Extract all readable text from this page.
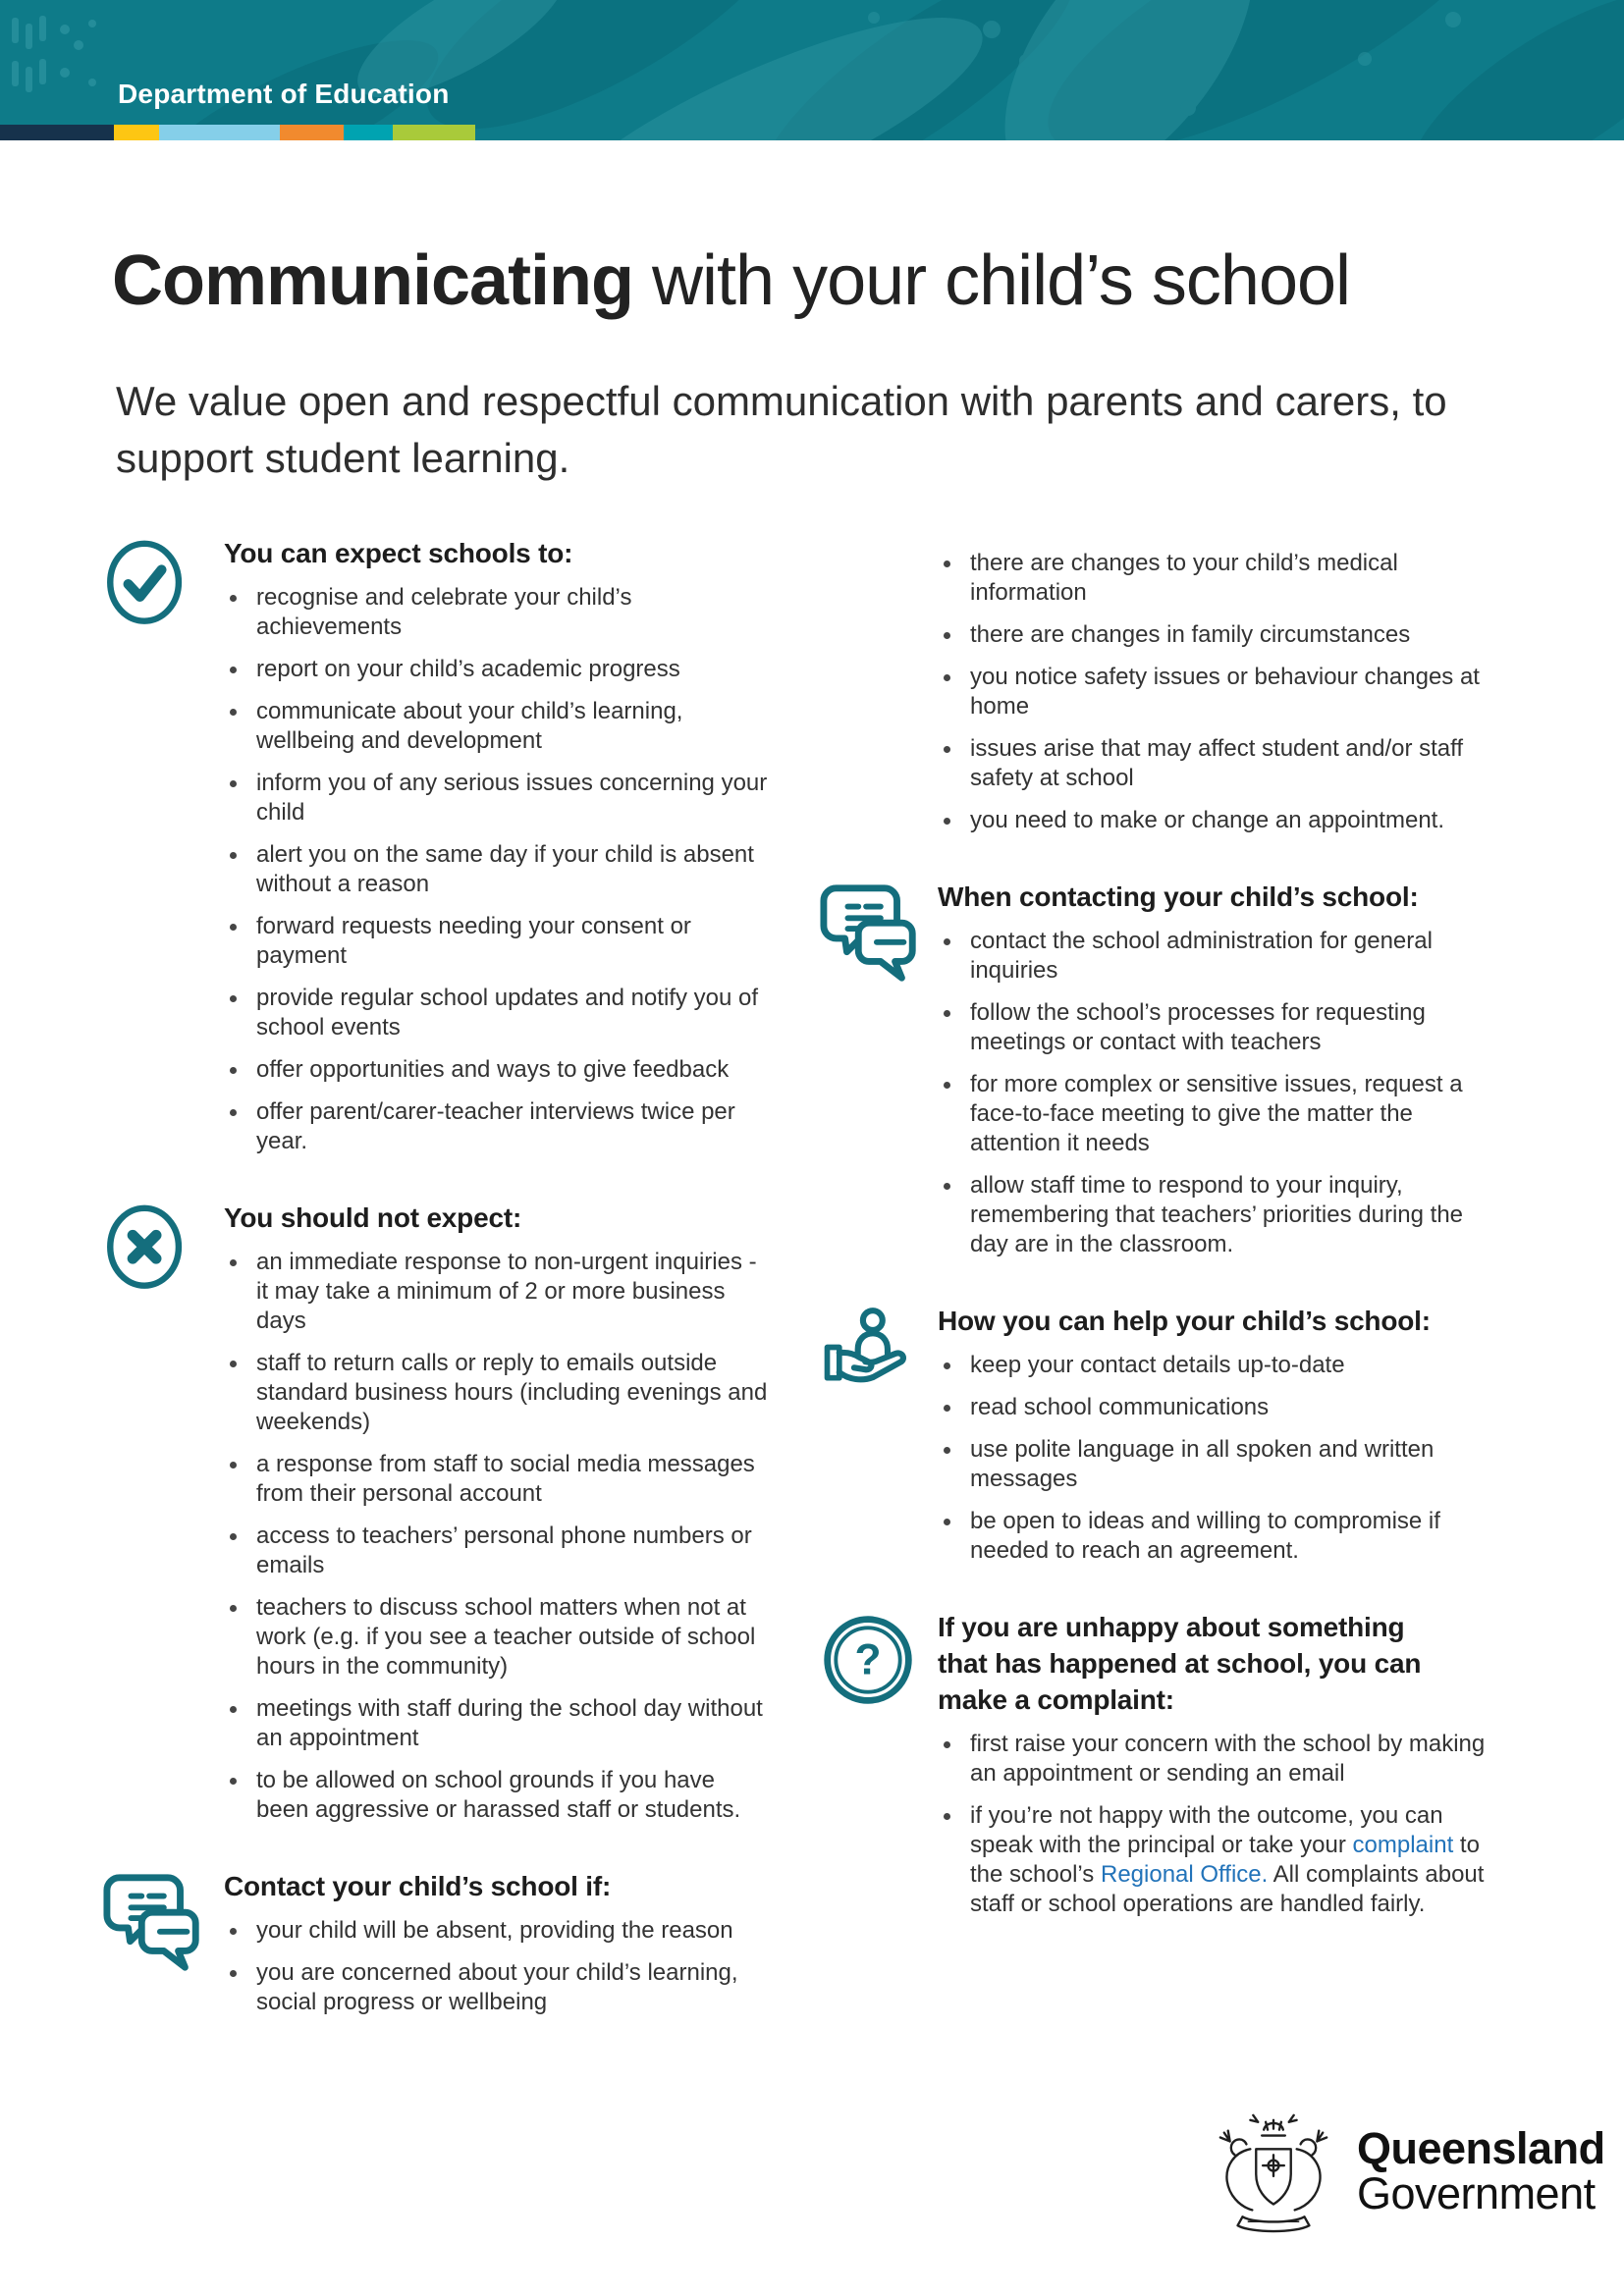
Department of Education
Communicating with your child’s school
We value open and respectful communication with parents and carers, to support student learning.
You can expect schools to:
recognise and celebrate your child’s achievements
report on your child’s academic progress
communicate about your child’s learning, wellbeing and development
inform you of any serious issues concerning your child
alert you on the same day if your child is absent without a reason
forward requests needing your consent or payment
provide regular school updates and notify you of school events
offer opportunities and ways to give feedback
offer parent/carer-teacher interviews twice per year.
You should not expect:
an immediate response to non-urgent inquiries - it may take a minimum of 2 or more business days
staff to return calls or reply to emails outside standard business hours (including evenings and weekends)
a response from staff to social media messages from their personal account
access to teachers’ personal phone numbers or emails
teachers to discuss school matters when not at work (e.g. if you see a teacher outside of school hours in the community)
meetings with staff during the school day without an appointment
to be allowed on school grounds if you have been aggressive or harassed staff or students.
Contact your child’s school if:
your child will be absent, providing the reason
you are concerned about your child’s learning, social progress or wellbeing
there are changes to your child’s medical information
there are changes in family circumstances
you notice safety issues or behaviour changes at home
issues arise that may affect student and/or staff safety at school
you need to make or change an appointment.
When contacting your child’s school:
contact the school administration for general inquiries
follow the school’s processes for requesting meetings or contact with teachers
for more complex or sensitive issues, request a face-to-face meeting to give the matter the attention it needs
allow staff time to respond to your inquiry, remembering that teachers’ priorities during the day are in the classroom.
How you can help your child’s school:
keep your contact details up-to-date
read school communications
use polite language in all spoken and written messages
be open to ideas and willing to compromise if needed to reach an agreement.
?
If you are unhappy about something that has happened at school, you can make a complaint:
first raise your concern with the school by making an appointment or sending an email
if you’re not happy with the outcome, you can speak with the principal or take your complaint to the school’s Regional Office. All complaints about staff or school operations are handled fairly.
Queensland
Government
